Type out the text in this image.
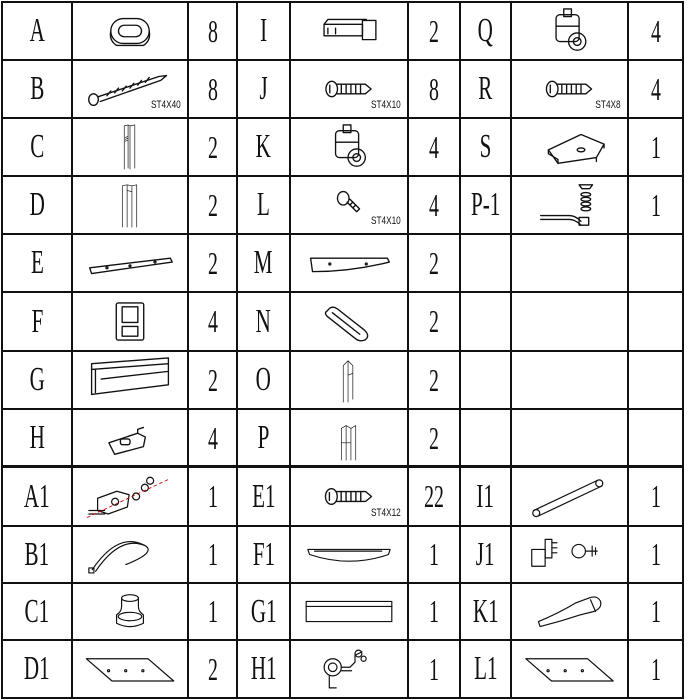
A	8 I	2 Q	4
B	ST4X40 8 J	ST4X10 8 R	ST4X8 4
C	2 K	4 S	1
D	2 L	ST4X10 4 P-1	1
E	2 M	2
F	4 N	2
G	2 O	2
H	4 P	2
A1	1 E1	ST4X12 22 I1	1
B1	1 F1	1 J1	1
C1	1 G1	1 K1	1
D1	2 H1	1 L1	1
